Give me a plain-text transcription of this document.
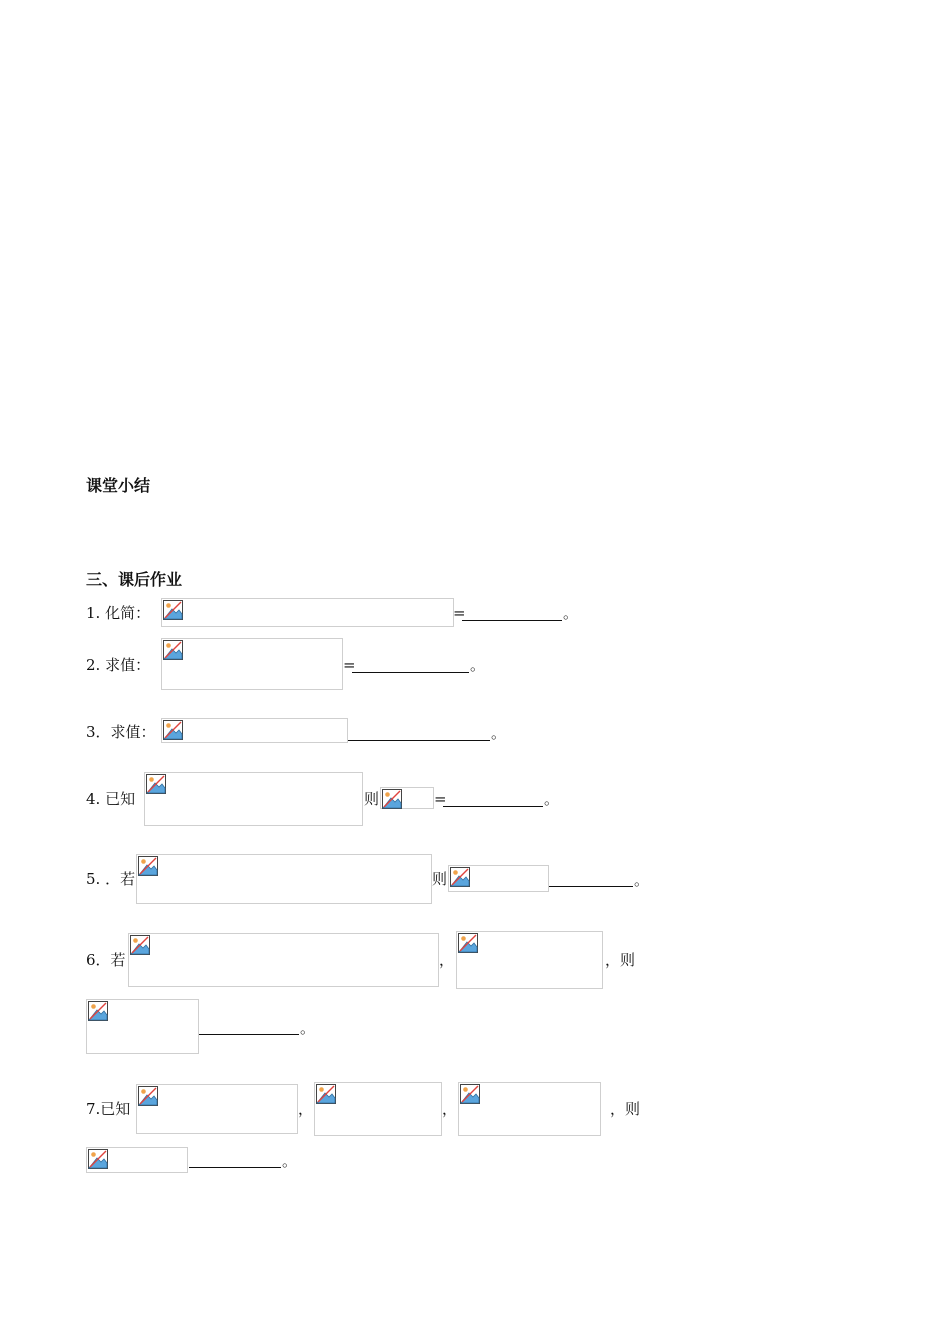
课堂小结
三、课后作业
1. 化简：	=	。
2. 求值：	=	。
3．求值：	。
4. 已知	则	=	。
5. ．若	则	。
6．若	，	，则
。
7.已知	，	，	，则
。
